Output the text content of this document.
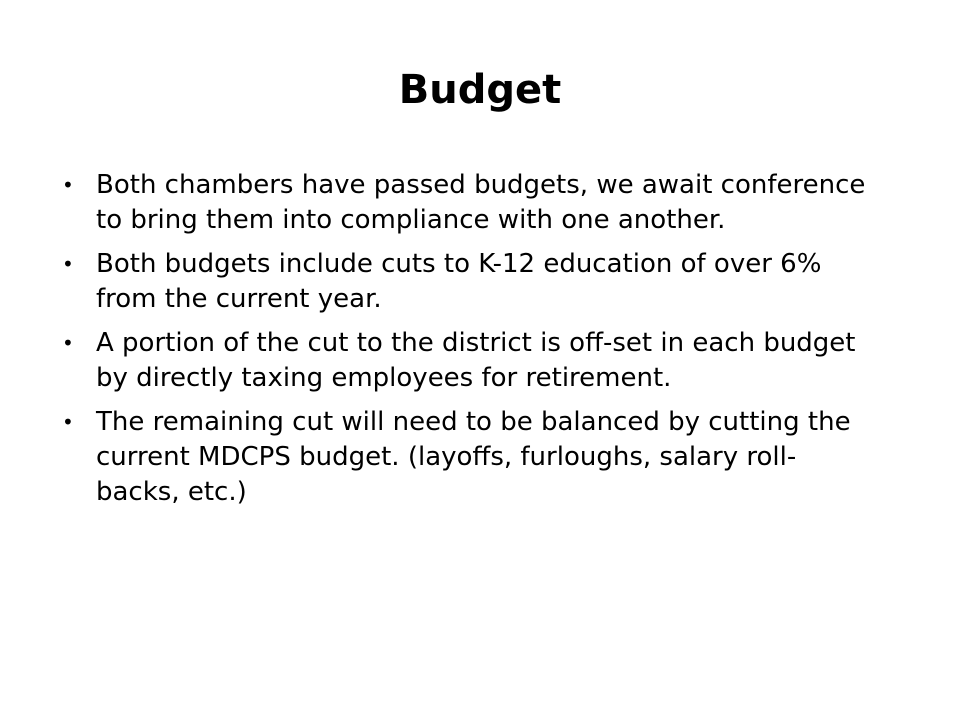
Budget
• Both chambers have passed budgets, we await conference to bring them into compliance with one another.
• Both budgets include cuts to K-12 education of over 6% from the current year.
• A portion of the cut to the district is off-set in each budget by directly taxing employees for retirement.
• The remaining cut will need to be balanced by cutting the current MDCPS budget. (layoffs, furloughs, salary roll-backs, etc.)
